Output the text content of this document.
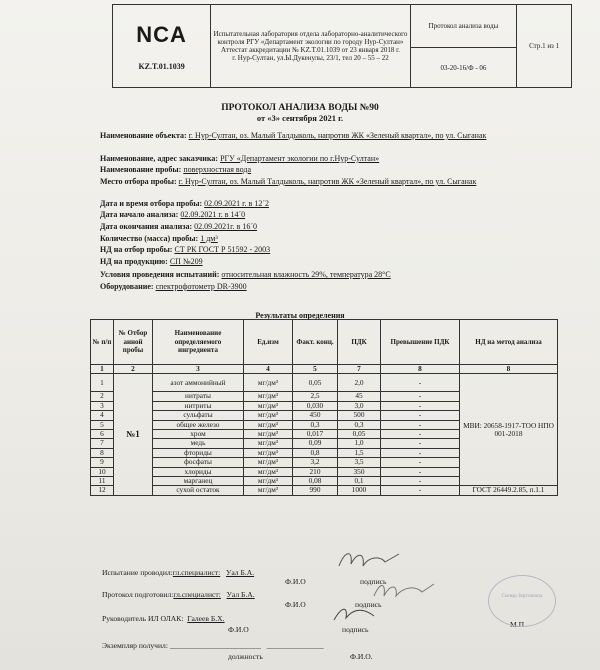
NCA
KZ.T.01.1039

Испытательная лаборатория отдела лабораторно-аналитического контроля РГУ «Департамент экологии по городу Нур-Султан»
Аттестат аккредитации № KZ.T.01.1039 от 23 января 2018 г.
г. Нур-Султан, ул.Ы.Дукенулы, 23/1, тел 20 – 55 – 22
	Протокол анализа воды	Стр.1 из 1
03-20-16/Ф - 06
ПРОТОКОЛ АНАЛИЗА ВОДЫ №90
от «3» сентября 2021 г.
Наименование объекта: г. Нур-Султан, оз. Малый Талдыколь, напротив ЖК «Зеленый квартал», по ул. Сыганак
Наименование, адрес заказчика: РГУ «Департамент экологии по г.Нур-Султан»
Наименование пробы: поверхностная вода
Место отбора пробы: г. Нур-Султан, оз. Малый Талдыколь, напротив ЖК «Зеленый квартал», по ул. Сыганак
Дата и время отбора пробы: 02.09.2021 г. в 12´2
Дата начало анализа: 02.09.2021 г. в 14´0
Дата окончания анализа: 02.09.2021г. в 16´0
Количество (масса) пробы: 1 дм³
НД на отбор пробы: СТ РК ГОСТ Р 51592 - 2003
НД на продукцию: СП №209
Условия проведения испытаний: относительная влажность 29%, температура 28°С
Оборудование: спектрофотометр DR-3900
Результаты определения
№ п/п	№ Отбор анной пробы	Наименование определяемого ингредиента	Ед.изм	Факт. конц.	ПДК	Превышение ПДК	НД на метод анализа
1	2	3	4	5	7	8	8
1	№1	азот аммонийный	мг/дм³	0,05	2,0	-	МВИ: 20658-1917-ТОО НПО 001-2018
2		нитраты	мг/дм³	2,5	45	-	
3		нитриты	мг/дм³	0,030	3,0	-	
4		сульфаты	мг/дм³	450	500	-	
5		общее железо	мг/дм³	0,3	0,3	-	
6		хром	мг/дм³	0,017	0,05	-	
7		медь	мг/дм³	0,09	1,0	-	
8		фториды	мг/дм³	0,8	1,5	-	
9		фосфаты	мг/дм³	3,2	3,5	-	
10		хлориды	мг/дм³	210	350	-	
11		марганец	мг/дм³	0,08	0,1	-	
12		сухой остаток	мг/дм³	990	1000	-	ГОСТ 26449.2.85, п.1.1
Испытание проводил:гл.специалист: Уал Б.А.
Ф.И.О	подпись
Протокол подготовил:гл.специалист: Уал Б.А.
Ф.И.О	подпись
Руководитель ИЛ ОЛАК: Галеев Б.Х.
Ф.И.О	подпись
Экземпляр получил: ________________________   _______________
должность	Ф.И.О.
М.П.
Сыныр Зертханасы
